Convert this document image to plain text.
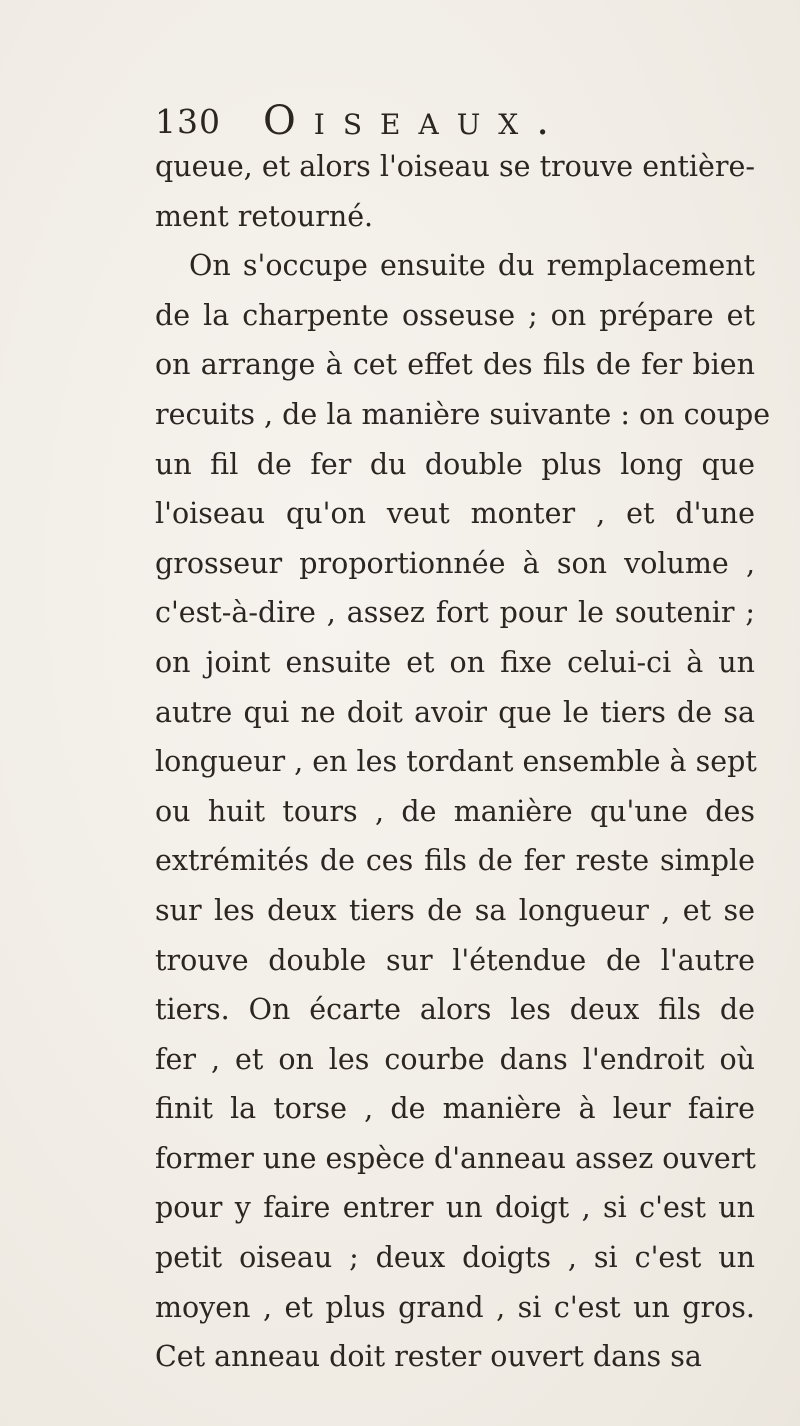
130 Oiseaux.
queue, et alors l'oiseau se trouve entière-
ment retourné.
On s'occupe ensuite du remplacement
de la charpente osseuse ; on prépare et
on arrange à cet effet des fils de fer bien
recuits , de la manière suivante : on coupe
un fil de fer du double plus long que
l'oiseau qu'on veut monter , et d'une
grosseur proportionnée à son volume ,
c'est-à-dire , assez fort pour le soutenir ;
on joint ensuite et on fixe celui-ci à un
autre qui ne doit avoir que le tiers de sa
longueur , en les tordant ensemble à sept
ou huit tours , de manière qu'une des
extrémités de ces fils de fer reste simple
sur les deux tiers de sa longueur , et se
trouve double sur l'étendue de l'autre
tiers. On écarte alors les deux fils de
fer , et on les courbe dans l'endroit où
finit la torse , de manière à leur faire
former une espèce d'anneau assez ouvert
pour y faire entrer un doigt , si c'est un
petit oiseau ; deux doigts , si c'est un
moyen , et plus grand , si c'est un gros.
Cet anneau doit rester ouvert dans sa
